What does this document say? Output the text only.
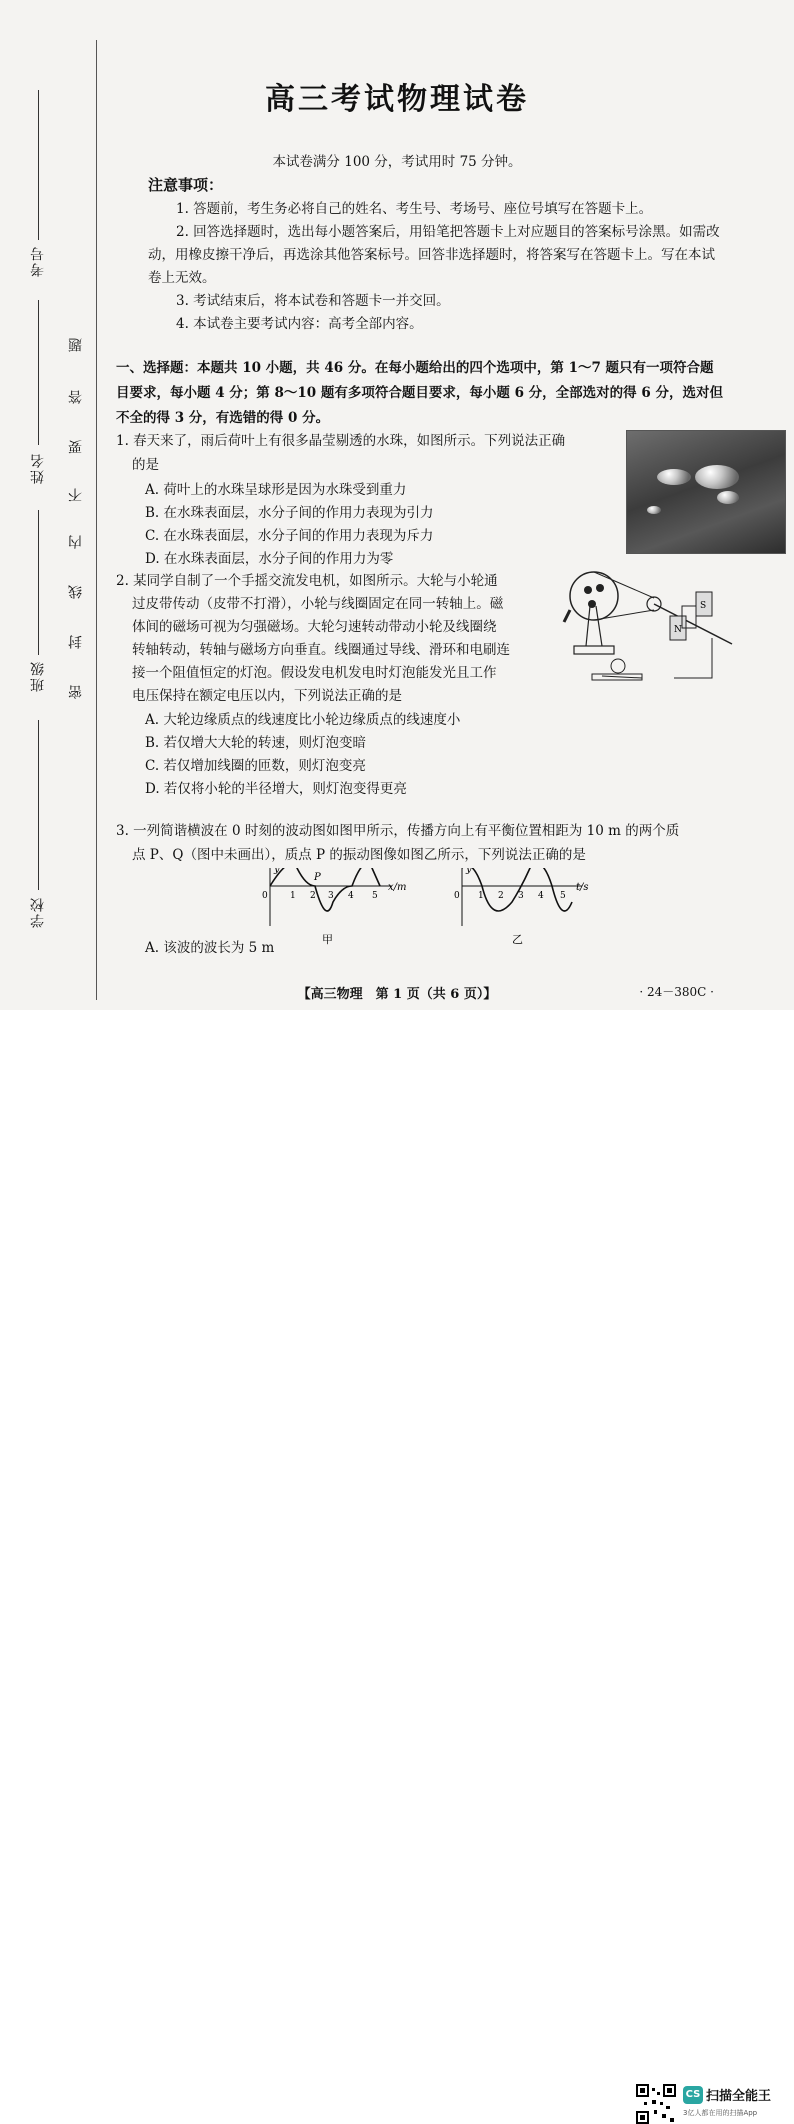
考号
姓名
班级
学校
题
答
要
不
内
线
封
密
高三考试物理试卷
本试卷满分 100 分，考试用时 75 分钟。
注意事项：

1. 答题前，考生务必将自己的姓名、考生号、考场号、座位号填写在答题卡上。

2. 回答选择题时，选出每小题答案后，用铅笔把答题卡上对应题目的答案标号涂黑。如需改动，用橡皮擦干净后，再选涂其他答案标号。回答非选择题时，将答案写在答题卡上。写在本试卷上无效。

3. 考试结束后，将本试卷和答题卡一并交回。

4. 本试卷主要考试内容：高考全部内容。

一、选择题：本题共 10 小题，共 46 分。在每小题给出的四个选项中，第 1～7 题只有一项符合题目要求，每小题 4 分；第 8～10 题有多项符合题目要求，每小题 6 分，全部选对的得 6 分，选对但不全的得 3 分，有选错的得 0 分。
1. 春天来了，雨后荷叶上有很多晶莹剔透的水珠，如图所示。下列说法正确
的是
A. 荷叶上的水珠呈球形是因为水珠受到重力
B. 在水珠表面层，水分子间的作用力表现为引力
C. 在水珠表面层，水分子间的作用力表现为斥力
D. 在水珠表面层，水分子间的作用力为零
2. 某同学自制了一个手摇交流发电机，如图所示。大轮与小轮通
过皮带传动（皮带不打滑），小轮与线圈固定在同一转轴上。磁
体间的磁场可视为匀强磁场。大轮匀速转动带动小轮及线圈绕
转轴转动，转轴与磁场方向垂直。线圈通过导线、滑环和电刷连
接一个阻值恒定的灯泡。假设发电机发电时灯泡能发光且工作
电压保持在额定电压以内，下列说法正确的是
A. 大轮边缘质点的线速度比小轮边缘质点的线速度小
B. 若仅增大大轮的转速，则灯泡变暗
C. 若仅增加线圈的匝数，则灯泡变亮
D. 若仅将小轮的半径增大，则灯泡变得更亮
N
S
3. 一列简谐横波在 0 时刻的波动图如图甲所示，传播方向上有平衡位置相距为 10 m 的两个质
点 P、Q（图中未画出），质点 P 的振动图像如图乙所示，下列说法正确的是
y
x/m
P
0 1 2 3 4 5
甲
y
t/s
0 1 2 3 4 5
乙
A. 该波的波长为 5 m
【高三物理　第 1 页（共 6 页）】	· 24－380C ·
CS 扫描全能王
3亿人都在用的扫描App
